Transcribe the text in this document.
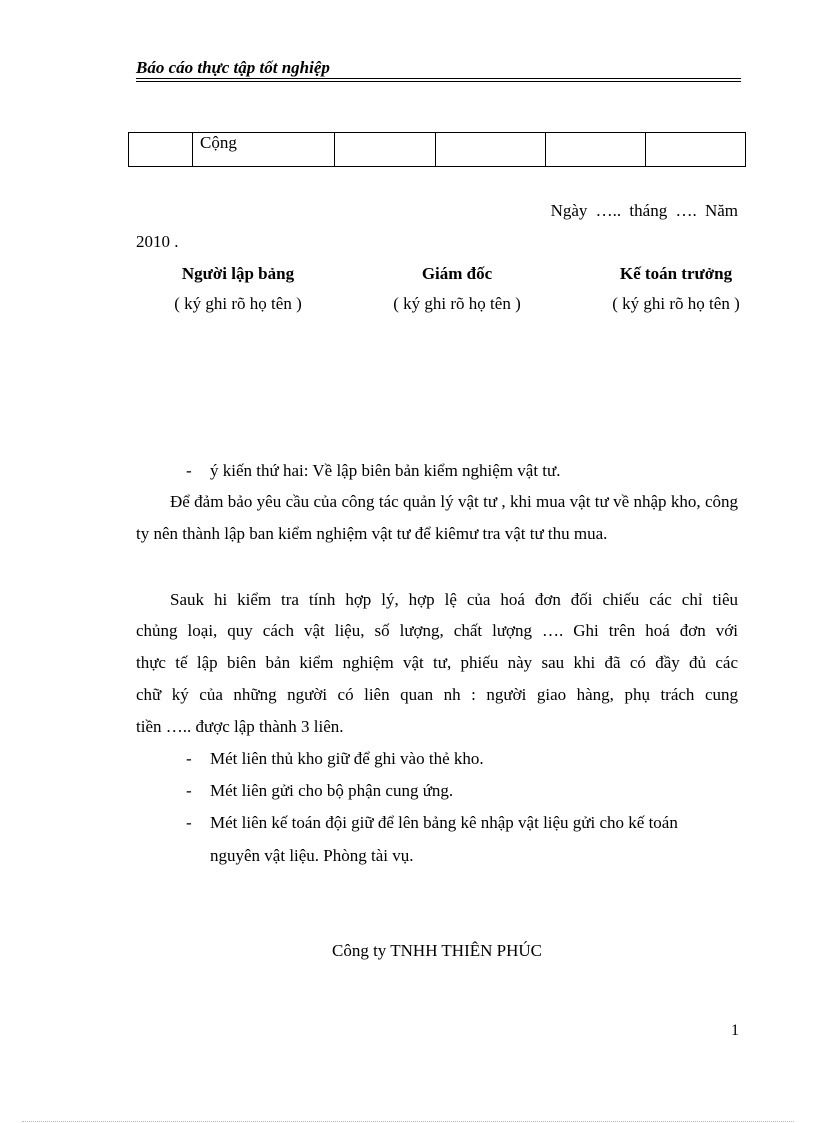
Báo cáo thực tập tốt nghiệp
	Cộng				
Ngày ….. tháng …. Năm
2010 .
Người lập bảng
( ký ghi rõ họ tên )
Giám đốc
( ký ghi rõ họ tên )
Kế toán trưởng
( ký ghi rõ họ tên )
- ý kiến thứ hai: Về lập biên bản kiểm nghiệm vật tư.
Để đảm bảo yêu cầu của công tác quản lý vật tư , khi mua vật tư về nhập kho, công ty nên thành lập ban kiểm nghiệm vật tư để kiêmư tra vật tư thu mua.
Sauk hi kiểm tra tính hợp lý, hợp lệ của hoá đơn đối chiếu các chỉ tiêu
chủng loại, quy cách vật liệu, số lượng, chất lượng …. Ghi trên hoá đơn với
thực tế lập biên bản kiểm nghiệm vật tư, phiếu này sau khi đã có đầy đủ các
chữ ký của những người có liên quan nh : người giao hàng, phụ trách cung
tiền ….. được lập thành 3 liên.
- Mét liên thủ kho giữ để ghi vào thẻ kho.
- Mét liên gửi cho bộ phận cung ứng.
- Mét liên kế toán đội giữ để lên bảng kê nhập vật liệu gửi cho kế toán
nguyên vật liệu. Phòng tài vụ.
Công ty TNHH THIÊN PHÚC
1
